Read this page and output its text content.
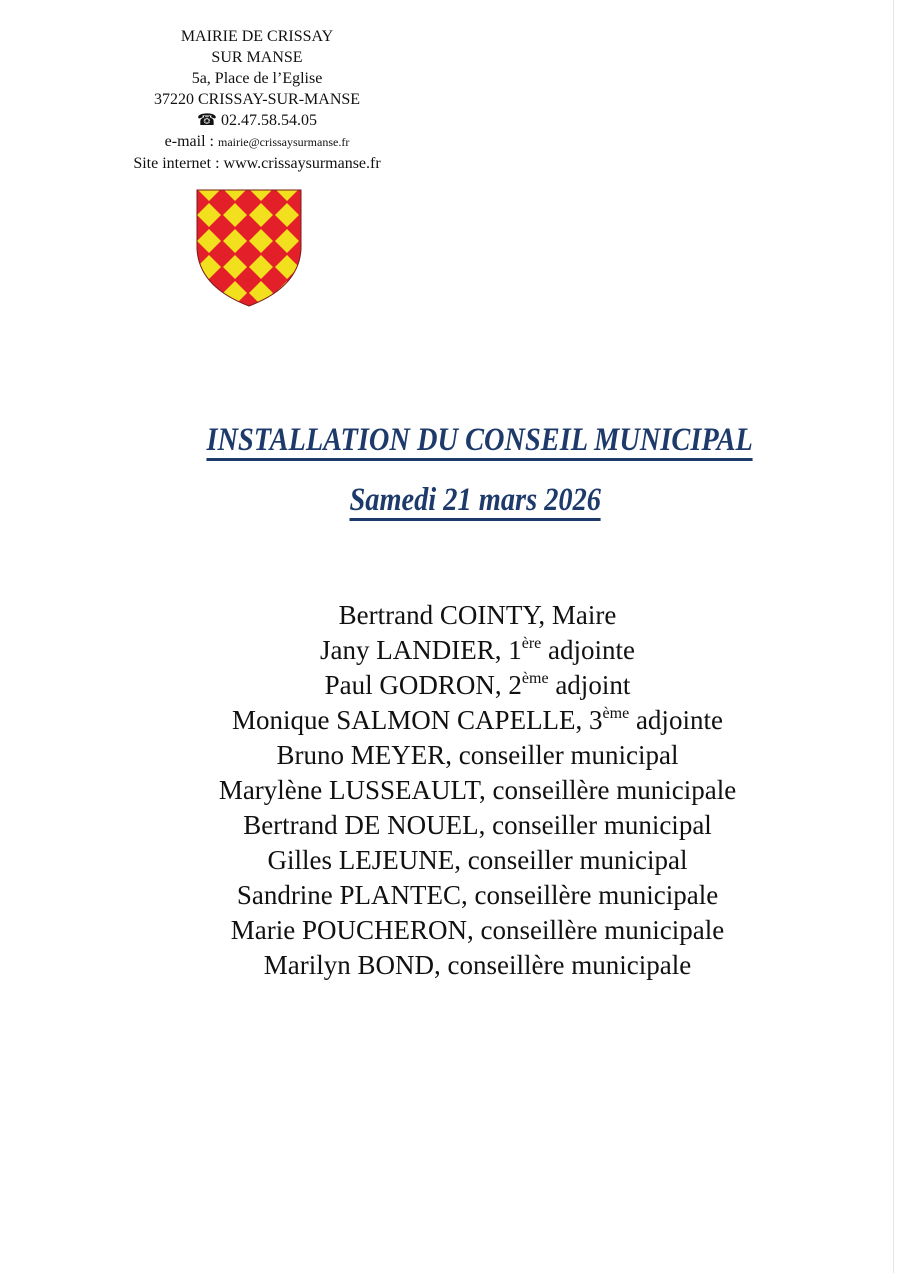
MAIRIE DE CRISSAY
SUR MANSE
5a, Place de l’Eglise
37220 CRISSAY-SUR-MANSE
☎ 02.47.58.54.05
e-mail : mairie@crissaysurmanse.fr
Site internet : www.crissaysurmanse.fr
INSTALLATION DU CONSEIL MUNICIPAL
Samedi 21 mars 2026
Bertrand COINTY, Maire
Jany LANDIER, 1ère adjointe
Paul GODRON, 2ème adjoint
Monique SALMON CAPELLE, 3ème adjointe
Bruno MEYER, conseiller municipal
Marylène LUSSEAULT, conseillère municipale
Bertrand DE NOUEL, conseiller municipal
Gilles LEJEUNE, conseiller municipal
Sandrine PLANTEC, conseillère municipale
Marie POUCHERON, conseillère municipale
Marilyn BOND, conseillère municipale
